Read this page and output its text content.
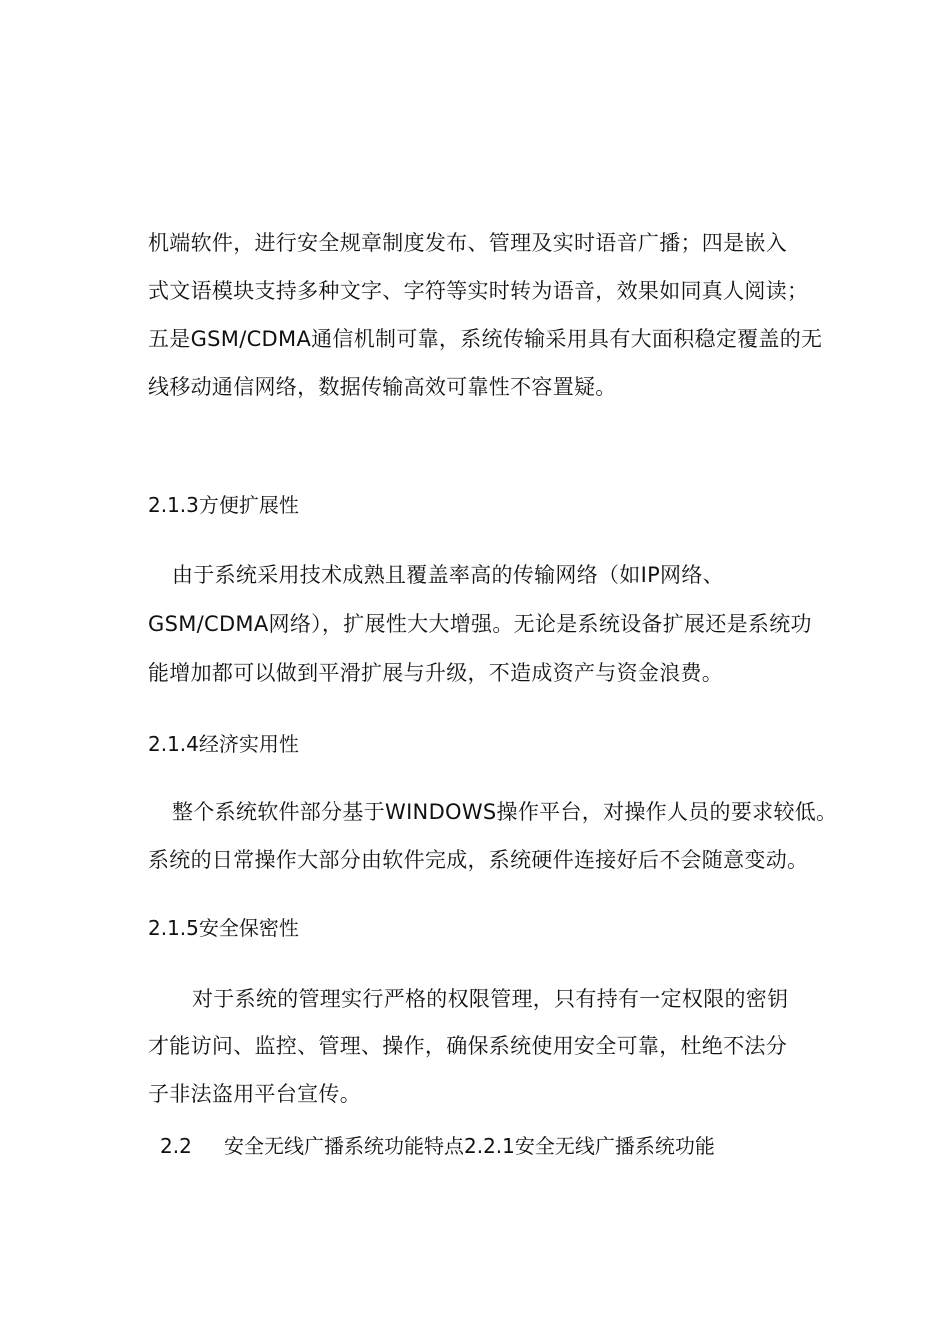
机端软件，进行安全规章制度发布、管理及实时语音广播；四是嵌入
式文语模块支持多种文字、字符等实时转为语音，效果如同真人阅读；
五是GSM/CDMA通信机制可靠，系统传输采用具有大面积稳定覆盖的无
线移动通信网络，数据传输高效可靠性不容置疑。
2.1.3方便扩展性
由于系统采用技术成熟且覆盖率高的传输网络（如IP网络、
GSM/CDMA网络），扩展性大大增强。无论是系统设备扩展还是系统功
能增加都可以做到平滑扩展与升级，不造成资产与资金浪费。
2.1.4经济实用性
整个系统软件部分基于WINDOWS操作平台，对操作人员的要求较低。
系统的日常操作大部分由软件完成，系统硬件连接好后不会随意变动。
2.1.5安全保密性
对于系统的管理实行严格的权限管理，只有持有一定权限的密钥
才能访问、监控、管理、操作，确保系统使用安全可靠，杜绝不法分
子非法盗用平台宣传。
2.2 安全无线广播系统功能特点2.2.1安全无线广播系统功能
